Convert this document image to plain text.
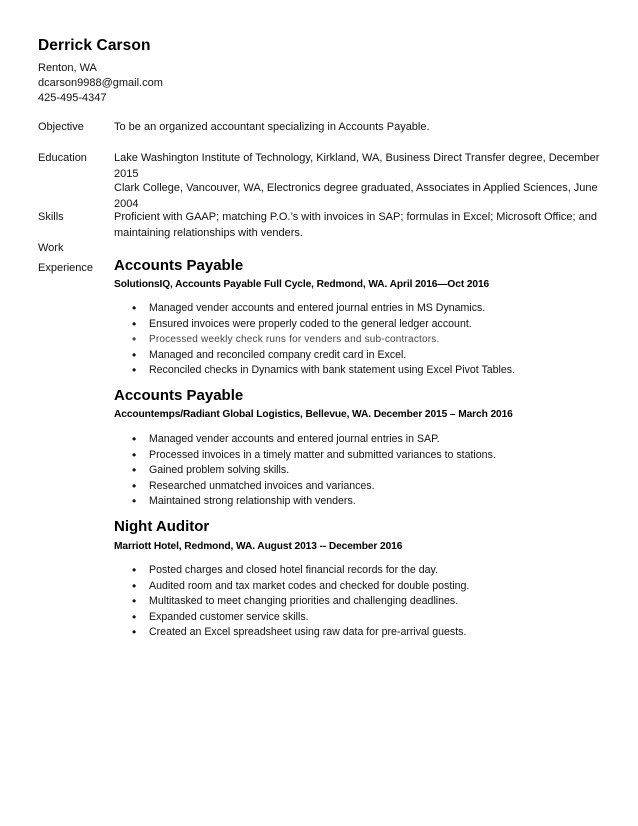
Derrick Carson
Renton, WA
dcarson9988@gmail.com
425-495-4347
Objective	To be an organized accountant specializing in Accounts Payable.
Education Lake Washington Institute of Technology, Kirkland, WA, Business Direct Transfer degree, December 2015
Clark College, Vancouver, WA, Electronics degree graduated, Associates in Applied Sciences, June 2004
Skills	Proficient with GAAP; matching P.O.’s with invoices in SAP; formulas in Excel; Microsoft Office; and maintaining relationships with venders.
Work
Experience Accounts Payable
SolutionsIQ, Accounts Payable Full Cycle, Redmond, WA. April 2016—Oct 2016
• Managed vender accounts and entered journal entries in MS Dynamics.
• Ensured invoices were properly coded to the general ledger account.
• Processed weekly check runs for venders and sub-contractors.
• Managed and reconciled company credit card in Excel.
• Reconciled checks in Dynamics with bank statement using Excel Pivot Tables.
Accounts Payable
Accountemps/Radiant Global Logistics, Bellevue, WA. December 2015 – March 2016
• Managed vender accounts and entered journal entries in SAP.
• Processed invoices in a timely matter and submitted variances to stations.
• Gained problem solving skills.
• Researched unmatched invoices and variances.
• Maintained strong relationship with venders.
Night Auditor
Marriott Hotel, Redmond, WA. August 2013 -- December 2016
• Posted charges and closed hotel financial records for the day.
• Audited room and tax market codes and checked for double posting.
• Multitasked to meet changing priorities and challenging deadlines.
• Expanded customer service skills.
• Created an Excel spreadsheet using raw data for pre-arrival guests.
